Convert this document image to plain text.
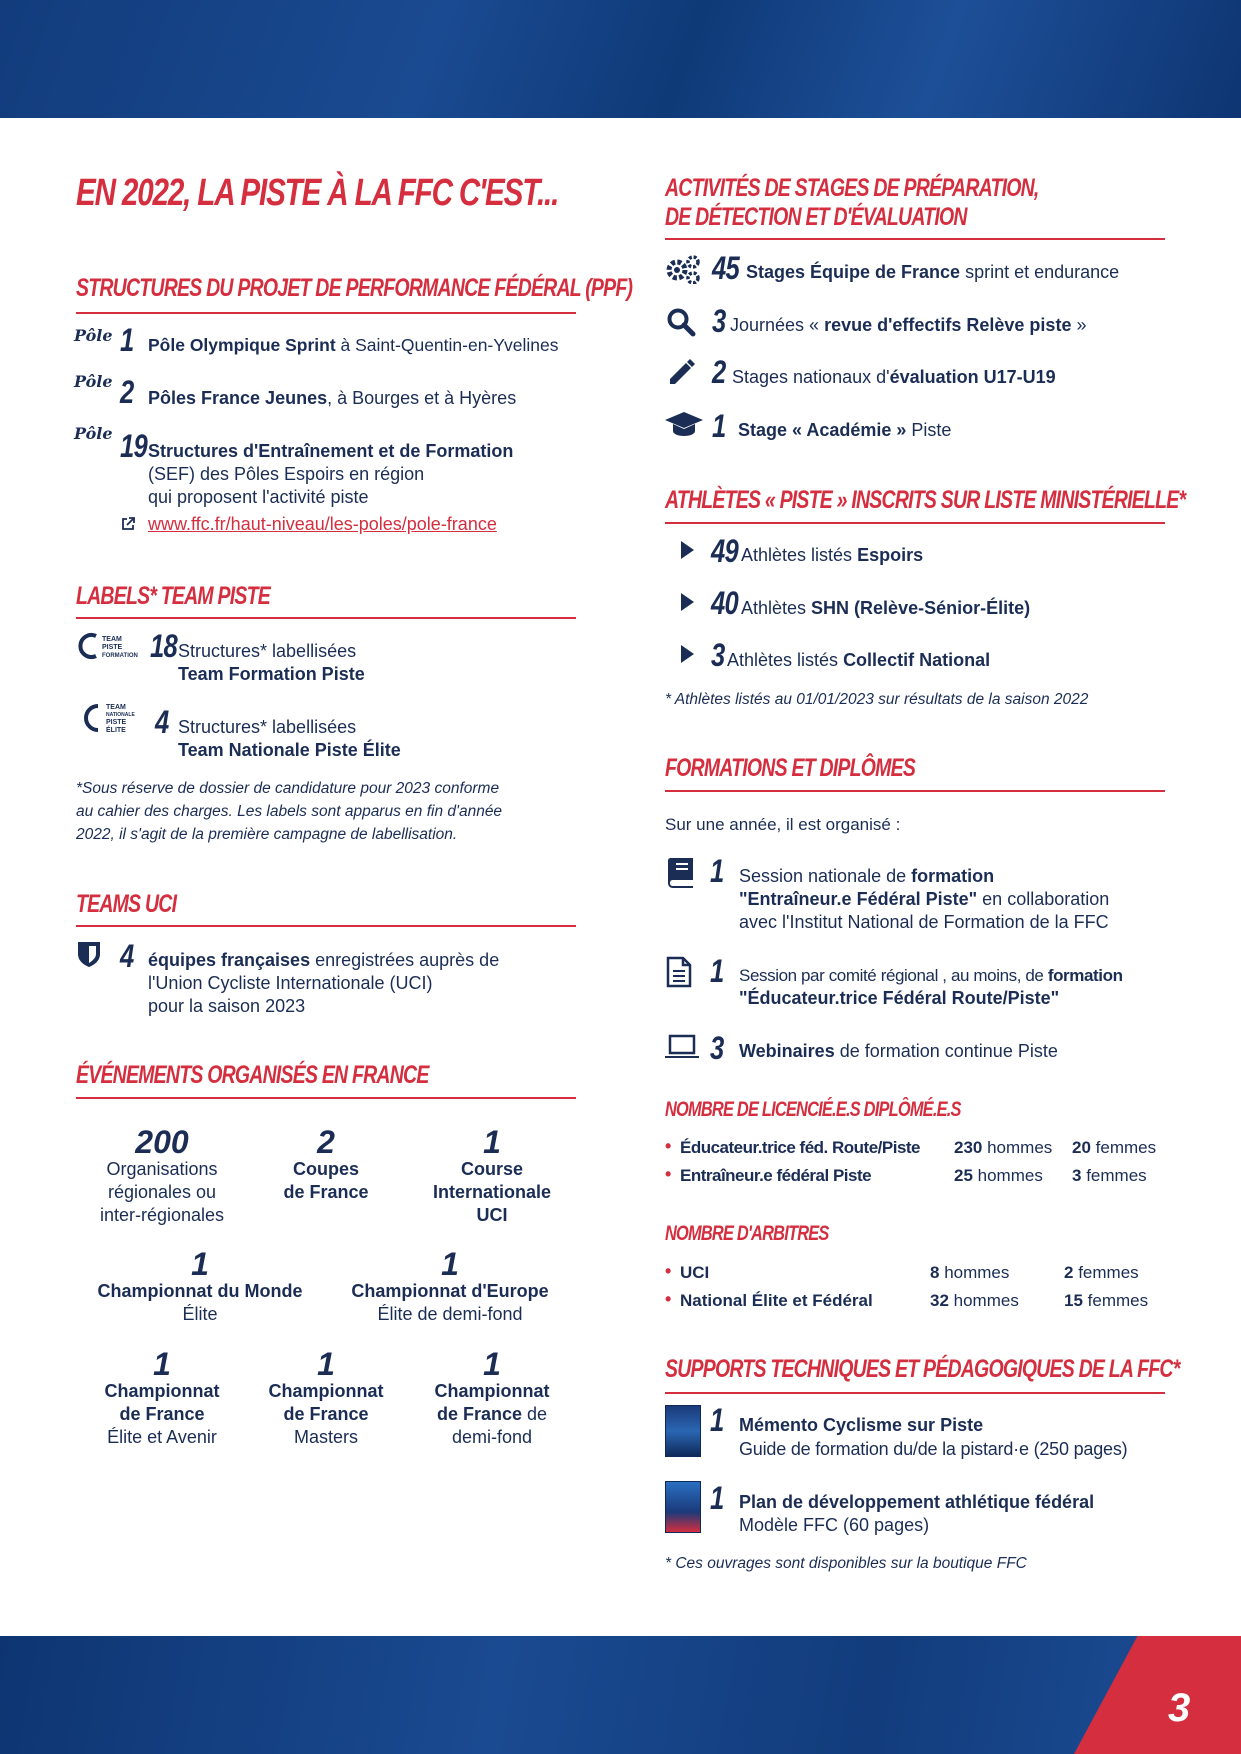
3
EN 2022, LA PISTE À LA FFC C'EST...
STRUCTURES DU PROJET DE PERFORMANCE FÉDÉRAL (PPF)
Pôle 1 Pôle Olympique Sprint à Saint-Quentin-en-Yvelines
Pôle 2 Pôles France Jeunes, à Bourges et à Hyères
Pôle 19 Structures d'Entraînement et de Formation
(SEF) des Pôles Espoirs en région
qui proposent l'activité piste
www.ffc.fr/haut-niveau/les-poles/pole-france
LABELS* TEAM PISTE
TEAM
PISTE
FORMATION 18 Structures* labellisées
Team Formation Piste
TEAM
NATIONALE
PISTE
ÉLITE 4 Structures* labellisées
Team Nationale Piste Élite
*Sous réserve de dossier de candidature pour 2023 conforme
au cahier des charges. Les labels sont apparus en fin d'année
2022, il s'agit de la première campagne de labellisation.
TEAMS UCI
4 équipes françaises enregistrées auprès de
l'Union Cycliste Internationale (UCI)
pour la saison 2023
ÉVÉNEMENTS ORGANISÉS EN FRANCE
200
Organisations
régionales ou
inter-régionales
2
Coupes
de France
1
Course
Internationale
UCI
1
Championnat du Monde
Élite
1
Championnat d'Europe
Élite de demi-fond
1
Championnat
de France
Élite et Avenir
1
Championnat
de France
Masters
1
Championnat
de France de
demi-fond
ACTIVITÉS DE STAGES DE PRÉPARATION,
DE DÉTECTION ET D'ÉVALUATION
45 Stages Équipe de France sprint et endurance
3 Journées « revue d'effectifs Relève piste »
2 Stages nationaux d'évaluation U17-U19
1 Stage « Académie » Piste
ATHLÈTES « PISTE » INSCRITS SUR LISTE MINISTÉRIELLE*
49 Athlètes listés Espoirs
40 Athlètes SHN (Relève-Sénior-Élite)
3 Athlètes listés Collectif National
* Athlètes listés au 01/01/2023 sur résultats de la saison 2022
FORMATIONS ET DIPLÔMES
Sur une année, il est organisé :
1 Session nationale de formation
"Entraîneur.e Fédéral Piste" en collaboration
avec l'Institut National de Formation de la FFC
1 Session par comité régional , au moins, de formation
"Éducateur.trice Fédéral Route/Piste"
3 Webinaires de formation continue Piste
NOMBRE DE LICENCIÉ.E.S DIPLÔMÉ.E.S
• Éducateur.trice féd. Route/Piste 230 hommes 20 femmes
• Entraîneur.e fédéral Piste	25 hommes 3 femmes
NOMBRE D'ARBITRES
• UCI	8 hommes	2 femmes
• National Élite et Fédéral	32 hommes	15 femmes
SUPPORTS TECHNIQUES ET PÉDAGOGIQUES DE LA FFC*
1 Mémento Cyclisme sur Piste
Guide de formation du/de la pistard·e (250 pages)
1 Plan de développement athlétique fédéral
Modèle FFC (60 pages)
* Ces ouvrages sont disponibles sur la boutique FFC
